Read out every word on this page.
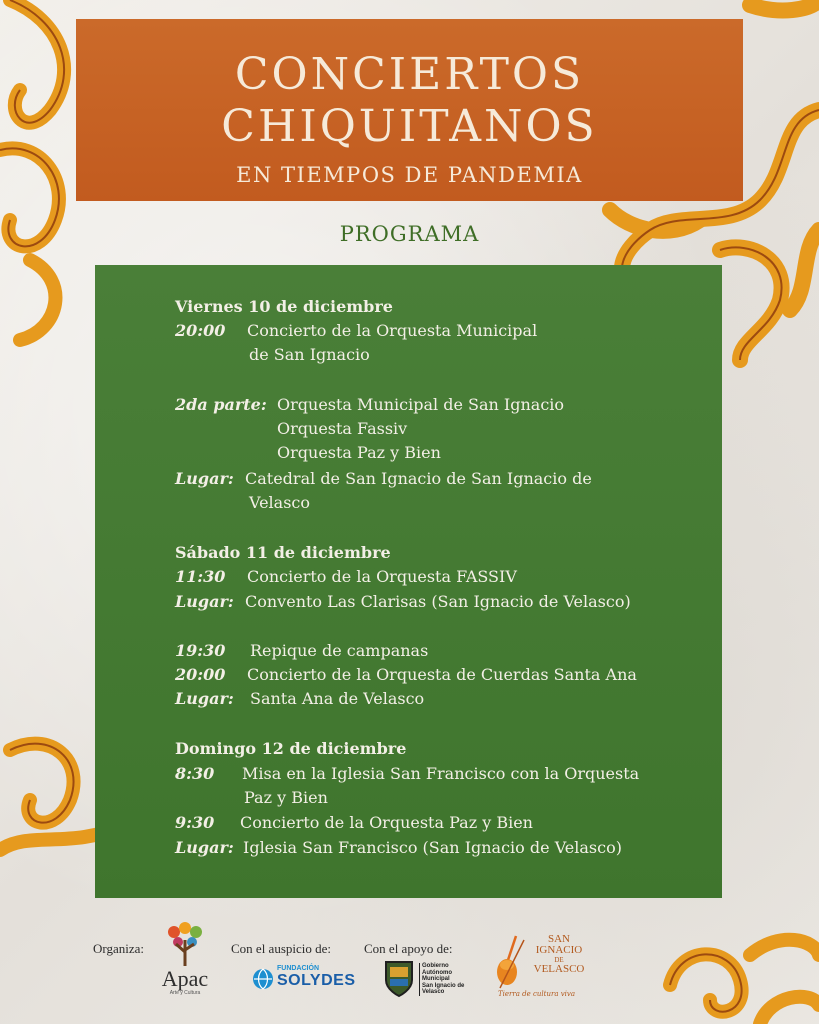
CONCIERTOS
CHIQUITANOS
EN TIEMPOS DE PANDEMIA
PROGRAMA
Viernes 10 de diciembre
20:00 Concierto de la Orquesta Municipal
de San Ignacio
2da parte: Orquesta Municipal de San Ignacio
Orquesta Fassiv
Orquesta Paz y Bien
Lugar: Catedral de San Ignacio de San Ignacio de
Velasco
Sábado 11 de diciembre
11:30 Concierto de la Orquesta FASSIV
Lugar: Convento Las Clarisas (San Ignacio de Velasco)
19:30 Repique de campanas
20:00 Concierto de la Orquesta de Cuerdas Santa Ana
Lugar: Santa Ana de Velasco
Domingo 12 de diciembre
8:30 Misa en la Iglesia San Francisco con la Orquesta
Paz y Bien
9:30 Concierto de la Orquesta Paz y Bien
Lugar: Iglesia San Francisco (San Ignacio de Velasco)
Organiza:	Con el auspicio de:	Con el apoyo de:
Apac
Arte y Cultura
FUNDACIÓN
SOLYDES
Gobierno
Autónomo
Municipal
San Ignacio de Velasco
SAN
IGNACIO
DE
VELASCO
Tierra de cultura viva
